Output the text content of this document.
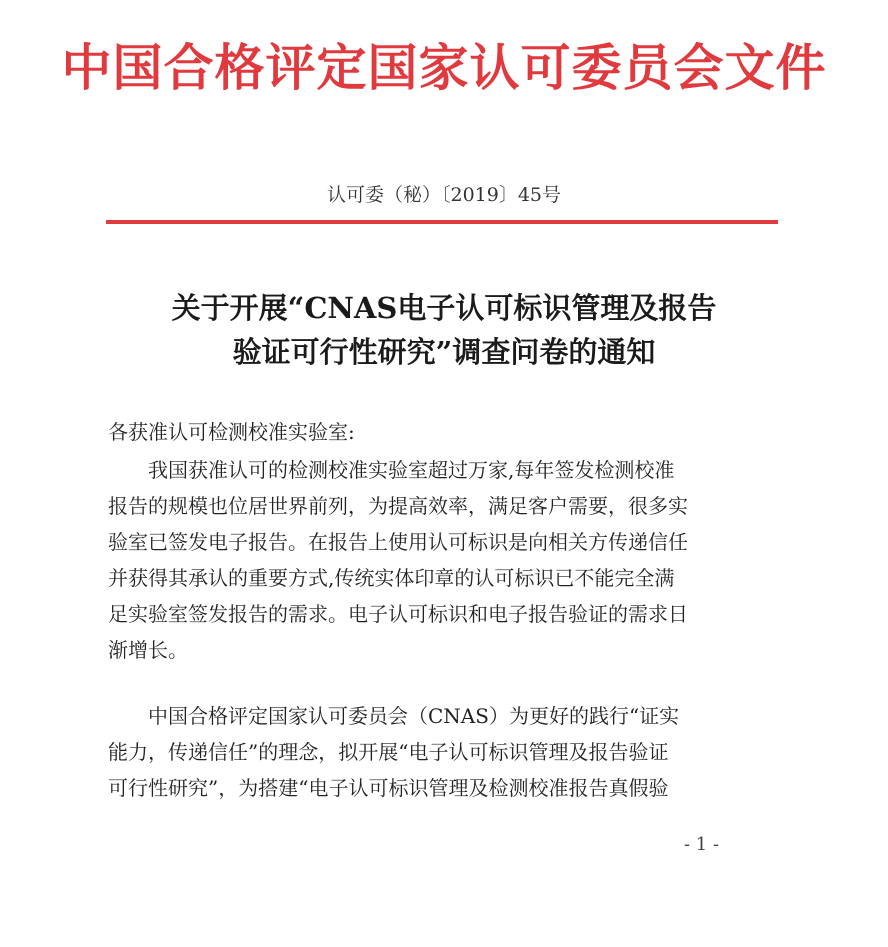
中国合格评定国家认可委员会文件
认可委（秘）〔2019〕45号
关于开展“CNAS电子认可标识管理及报告
验证可行性研究”调查问卷的通知
各获准认可检测校准实验室:
我国获准认可的检测校准实验室超过万家,每年签发检测校准
报告的规模也位居世界前列，为提高效率，满足客户需要，很多实
验室已签发电子报告。在报告上使用认可标识是向相关方传递信任
并获得其承认的重要方式,传统实体印章的认可标识已不能完全满
足实验室签发报告的需求。电子认可标识和电子报告验证的需求日
渐增长。
中国合格评定国家认可委员会（CNAS）为更好的践行“证实
能力，传递信任”的理念，拟开展“电子认可标识管理及报告验证
可行性研究”，为搭建“电子认可标识管理及检测校准报告真假验
- 1 -
